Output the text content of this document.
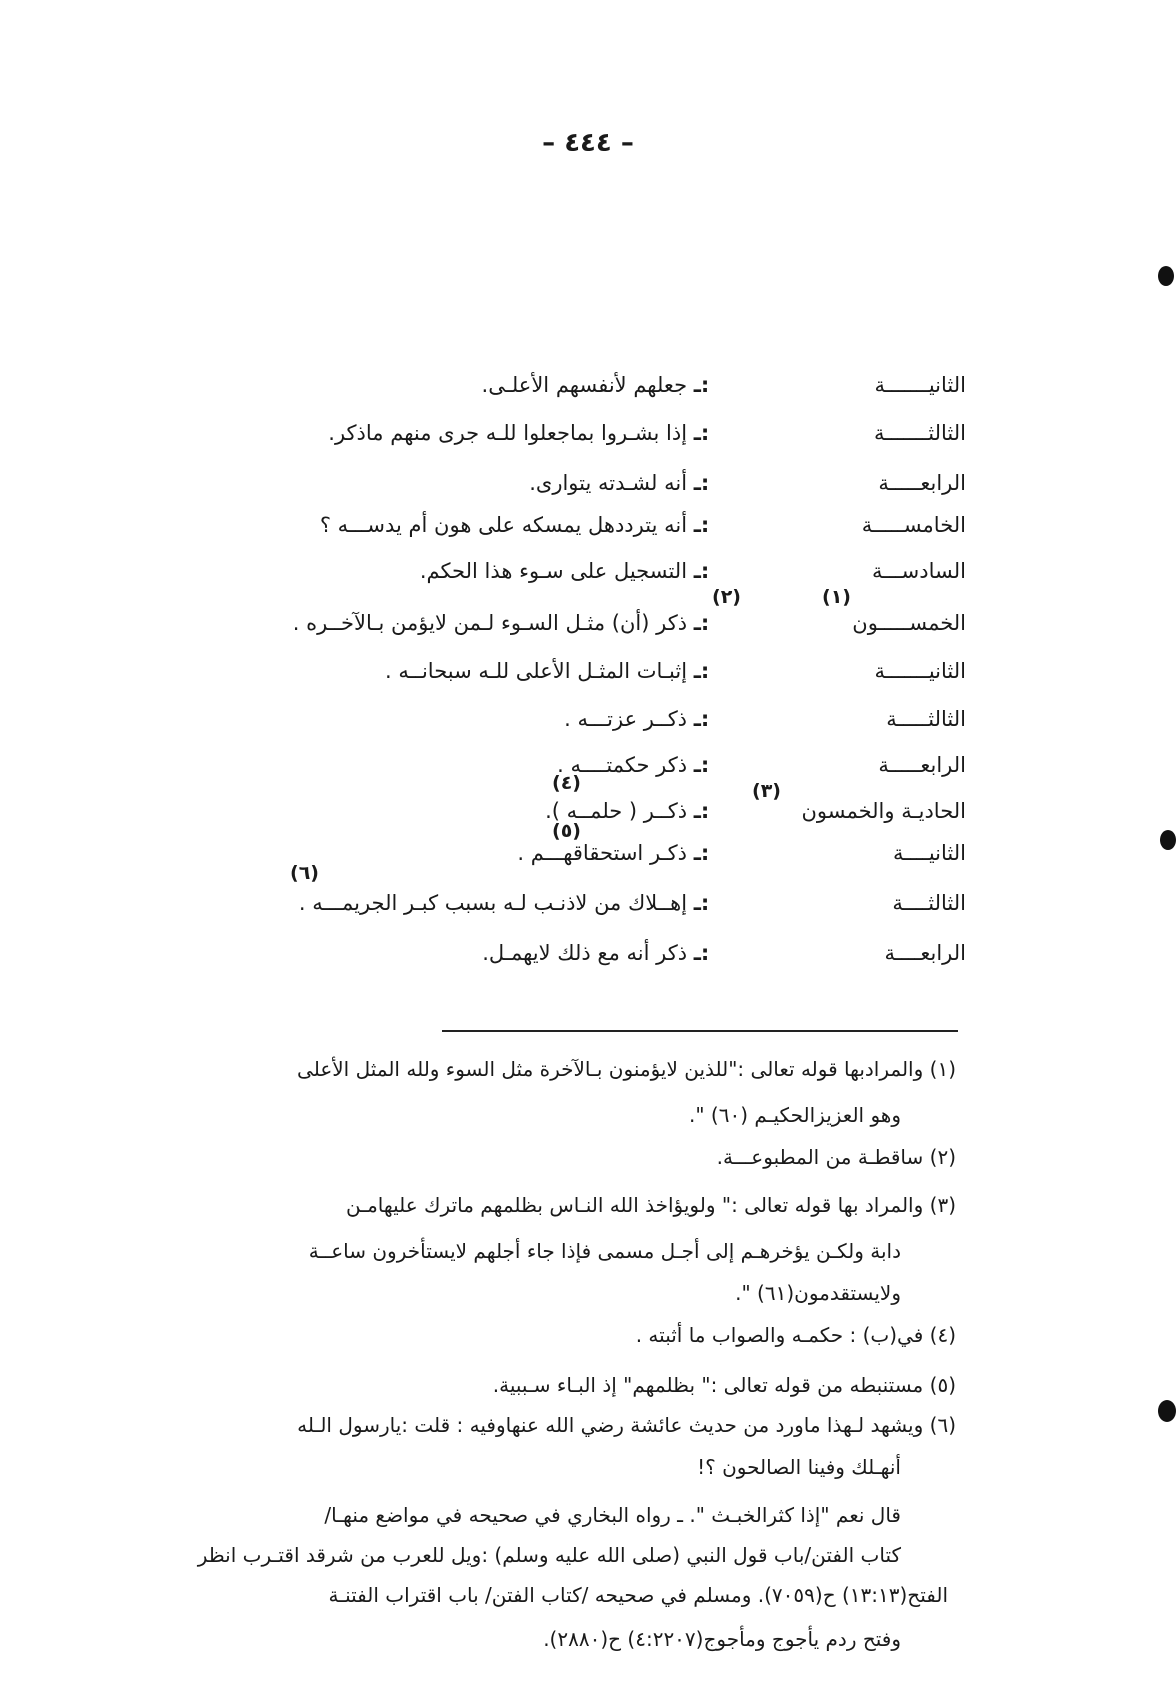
– ٤٤٤ –
الثانيـــــــة :ـ جعلهم لأنفسهم الأعلـى.
الثالثـــــــة :ـ إذا بشـروا بماجعلوا للـه جرى منهم ماذكر.
الرابعـــــة :ـ أنه لشـدته يتوارى.
الخامســـــة :ـ أنه يترددهل يمسكه على هون أم يدســـه ؟
السادســـة :ـ التسجيل على سـوء هذا الحكم.
الخمســـــون :ـ ذكر (أن) مثـل السـوء لـمن لايؤمن بـالآخــره .
الثانيـــــــة :ـ إثبـات المثـل الأعلى للـه سبحانــه .
الثالثـــــة :ـ ذكــر عزتـــه .
الرابعـــــة :ـ ذكر حكمتــــه .
الحاديـة والخمسون :ـ ذكــر ( حلمــه ).
الثانيــــة :ـ ذكـر استحقاقهـــم .
الثالثــــة :ـ إهــلاك من لاذنـب لـه بسبب كبـر الجريمـــه .
الرابعــــة :ـ ذكر أنه مع ذلك لايهمـل.
(١)
(٢)
(٣)
(٤)
(٥)
(٦)
(١) والمرادبها قوله تعالى :"للذين لايؤمنون بـالآخرة مثل السوء ولله المثل الأعلى
وهو العزيزالحكيـم (٦٠) ".
(٢) ساقطـة من المطبوعـــة.
(٣) والمراد بها قوله تعالى :" ولويؤاخذ الله النـاس بظلمهم ماترك عليهامـن
دابة ولكـن يؤخرهـم إلى أجـل مسمى فإذا جاء أجلهم لايستأخرون ساعــة
ولايستقدمون(٦١) ".
(٤) في(ب) : حكمـه والصواب ما أثبته .
(٥) مستنبطه من قوله تعالى :" بظلمهم" إذ البـاء سـببية.
(٦) ويشهد لـهذا ماورد من حديث عائشة رضي الله عنهاوفيه : قلت :يارسول الـله
أنهـلك وفينا الصالحون ؟!
قال نعم "إذا كثرالخبـث ". ـ رواه البخاري في صحيحه في مواضع منهـا/
كتاب الفتن/باب قول النبي (صلى الله عليه وسلم) :ويل للعرب من شرقد اقتـرب انظر
الفتح(١٣:١٣) ح(٧٠٥٩). ومسلم في صحيحه /كتاب الفتن/ باب اقتراب الفتنـة
وفتح ردم يأجوج ومأجوج(٤:٢٢٠٧) ح(٢٨٨٠).
